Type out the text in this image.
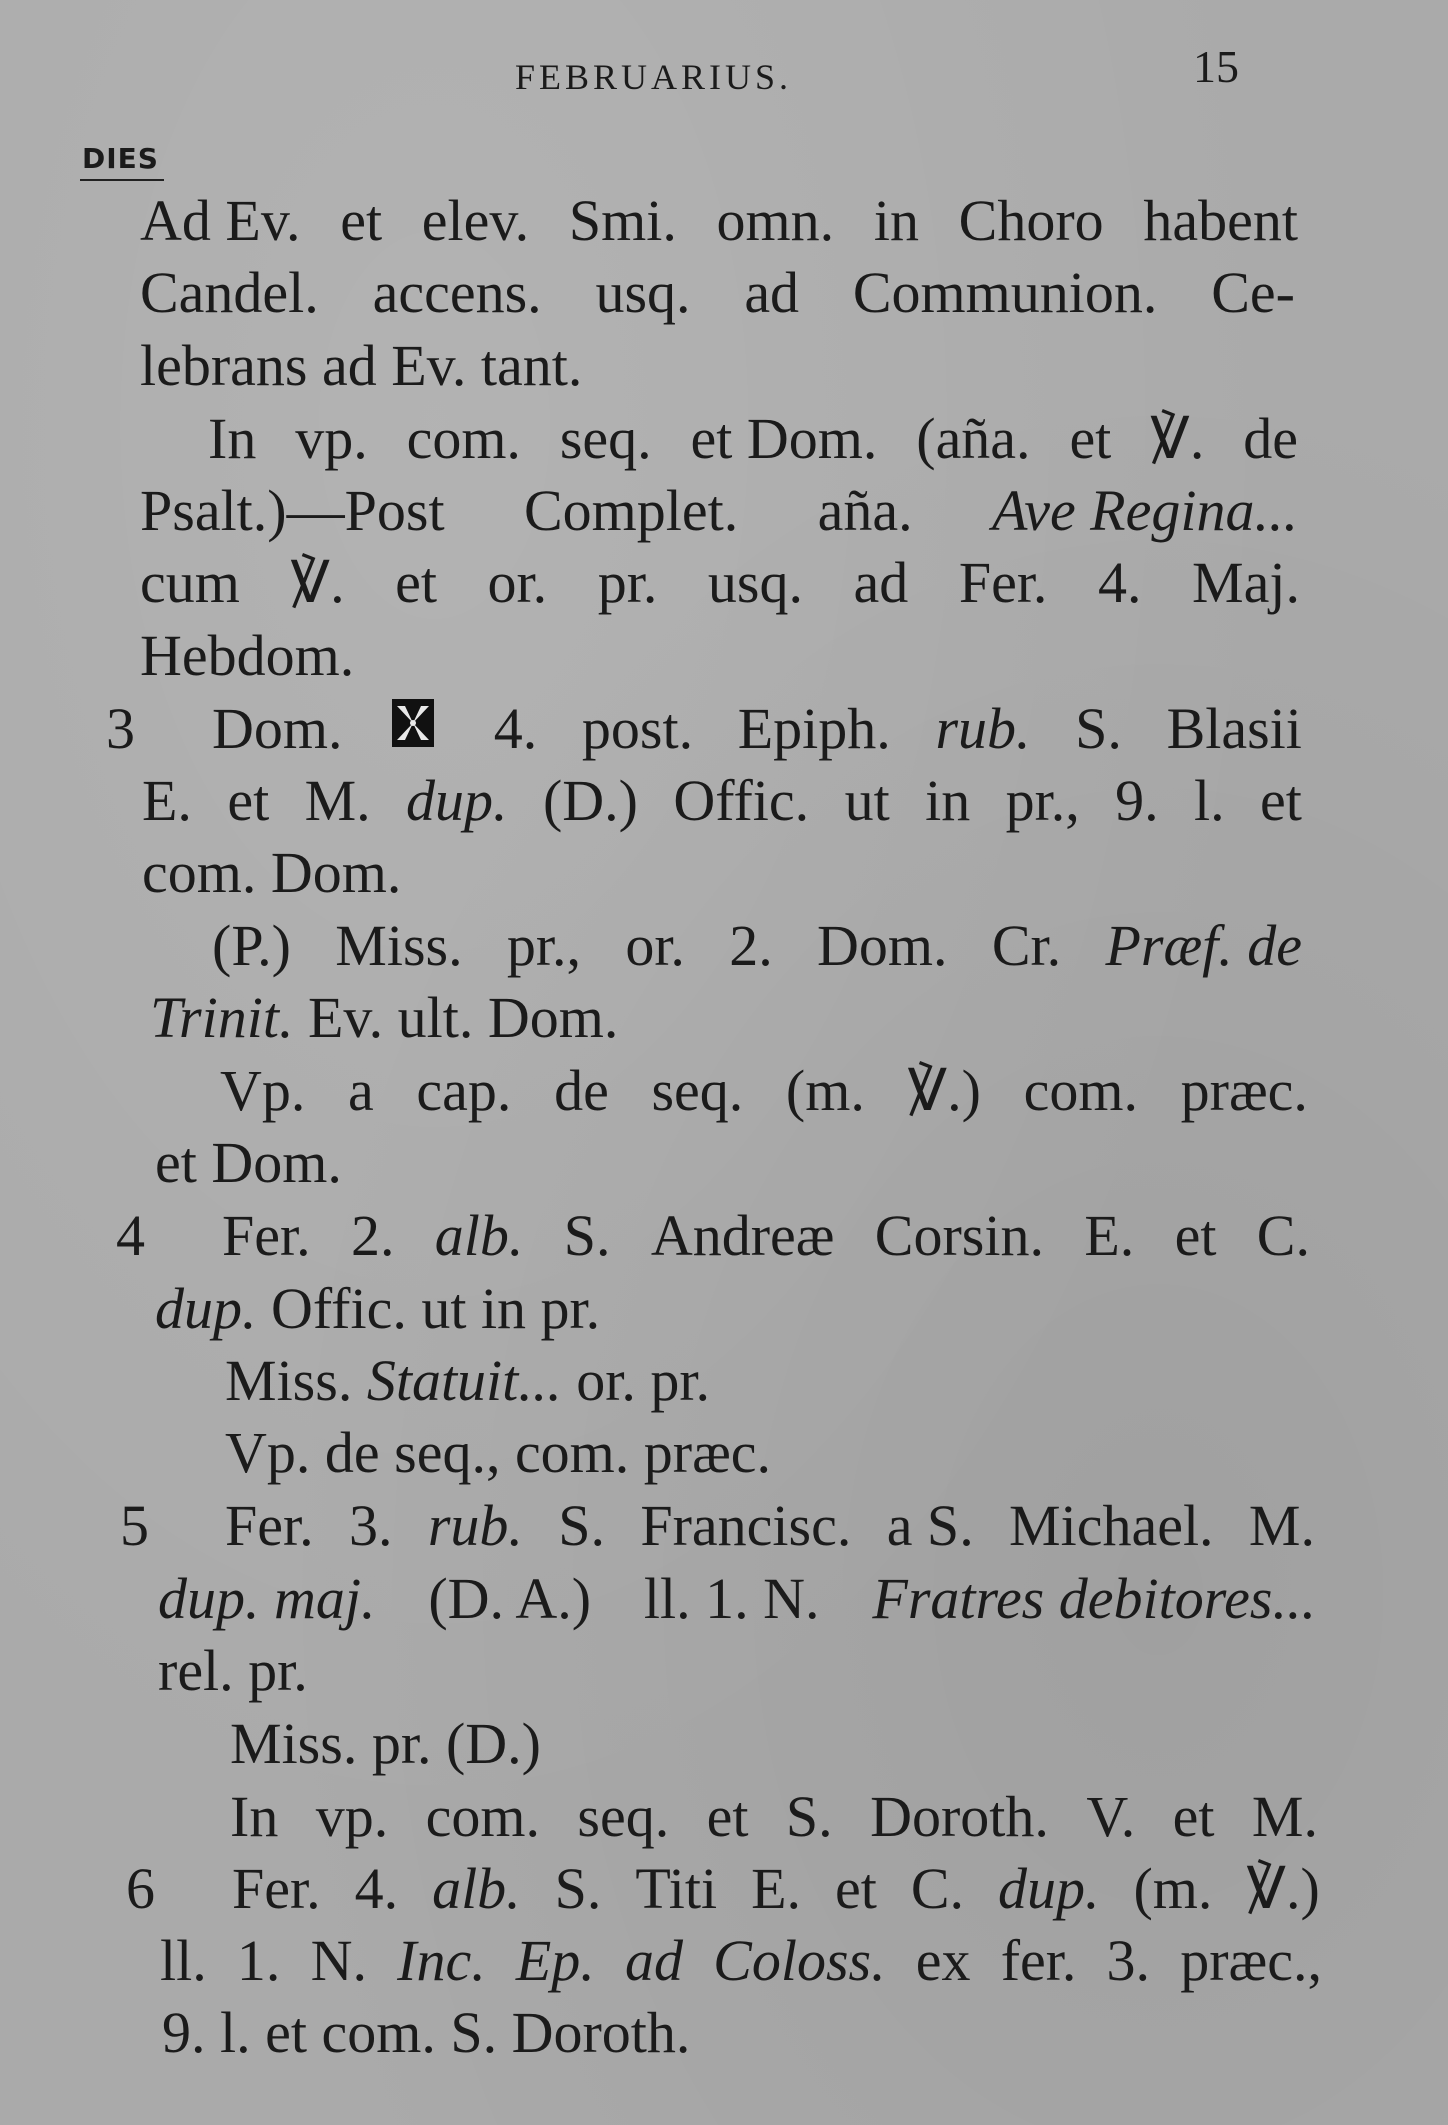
FEBRUARIUS.	15
DIES
Ad Ev. et elev. Smi. omn. in Choro habent
Candel. accens. usq. ad Communion. Ce-
lebrans ad Ev. tant.
In vp. com. seq. et Dom. (aña. et ℣. de
Psalt.)—Post Complet. aña. Ave Regina...
cum ℣. et or. pr. usq. ad Fer. 4. Maj.
Hebdom.
3 Dom.	4. post. Epiph. rub. S. Blasii
E. et M. dup. (D.) Offic. ut in pr., 9. l. et
com. Dom.
(P.) Miss. pr., or. 2. Dom. Cr. Præf. de
Trinit. Ev. ult. Dom.
Vp. a cap. de seq. (m. ℣.) com. præc.
et Dom.
4 Fer. 2. alb. S. Andreæ Corsin. E. et C.
dup. Offic. ut in pr.
Miss. Statuit... or. pr.
Vp. de seq., com. præc.
5 Fer. 3. rub. S. Francisc. a S. Michael. M.
dup. maj. (D. A.) ll. 1. N. Fratres debitores...
rel. pr.
Miss. pr. (D.)
In vp. com. seq. et S. Doroth. V. et M.
6 Fer. 4. alb. S. Titi E. et C. dup. (m. ℣.)
ll. 1. N. Inc. Ep. ad Coloss. ex fer. 3. præc.,
9. l. et com. S. Doroth.
